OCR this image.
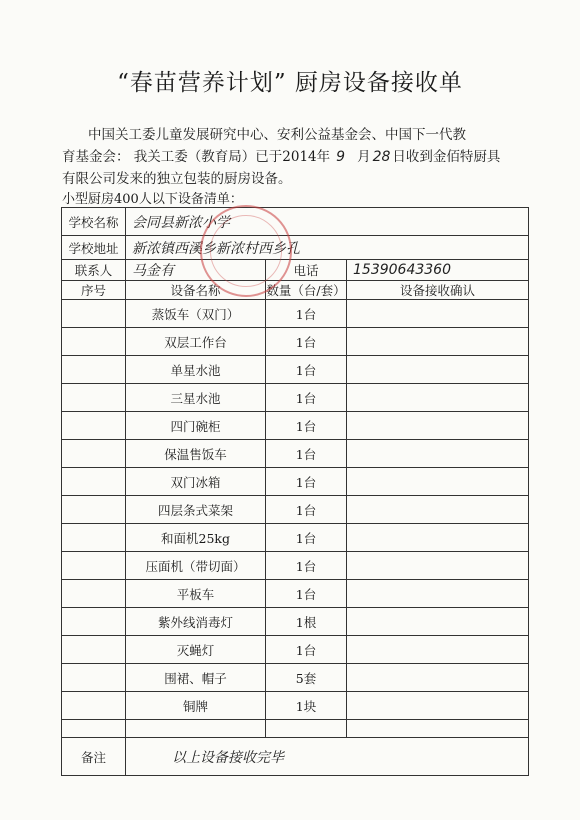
“春苗营养计划” 厨房设备接收单
中国关工委儿童发展研究中心、安利公益基金会、中国下一代教
育基金会： 我关工委（教育局）已于2014年 9 月 28 日收到金佰特厨具
有限公司发来的独立包装的厨房设备。
小型厨房400人以下设备清单：
学校名称	会同县新浓小学		
学校地址	新浓镇西溪乡新浓村西乡孔		
联系人	马金有	电话	15390643360
序号	设备名称	数量（台/套）	设备接收确认
	蒸饭车（双门）	1台	
	双层工作台	1台	
	单星水池	1台	
	三星水池	1台	
	四门碗柜	1台	
	保温售饭车	1台	
	双门冰箱	1台	
	四层条式菜架	1台	
	和面机25kg	1台	
	压面机（带切面）	1台	
	平板车	1台	
	紫外线消毒灯	1根	
	灭蝇灯	1台	
	围裙、帽子	5套	
	铜牌	1块	

备注	以上设备接收完毕		
